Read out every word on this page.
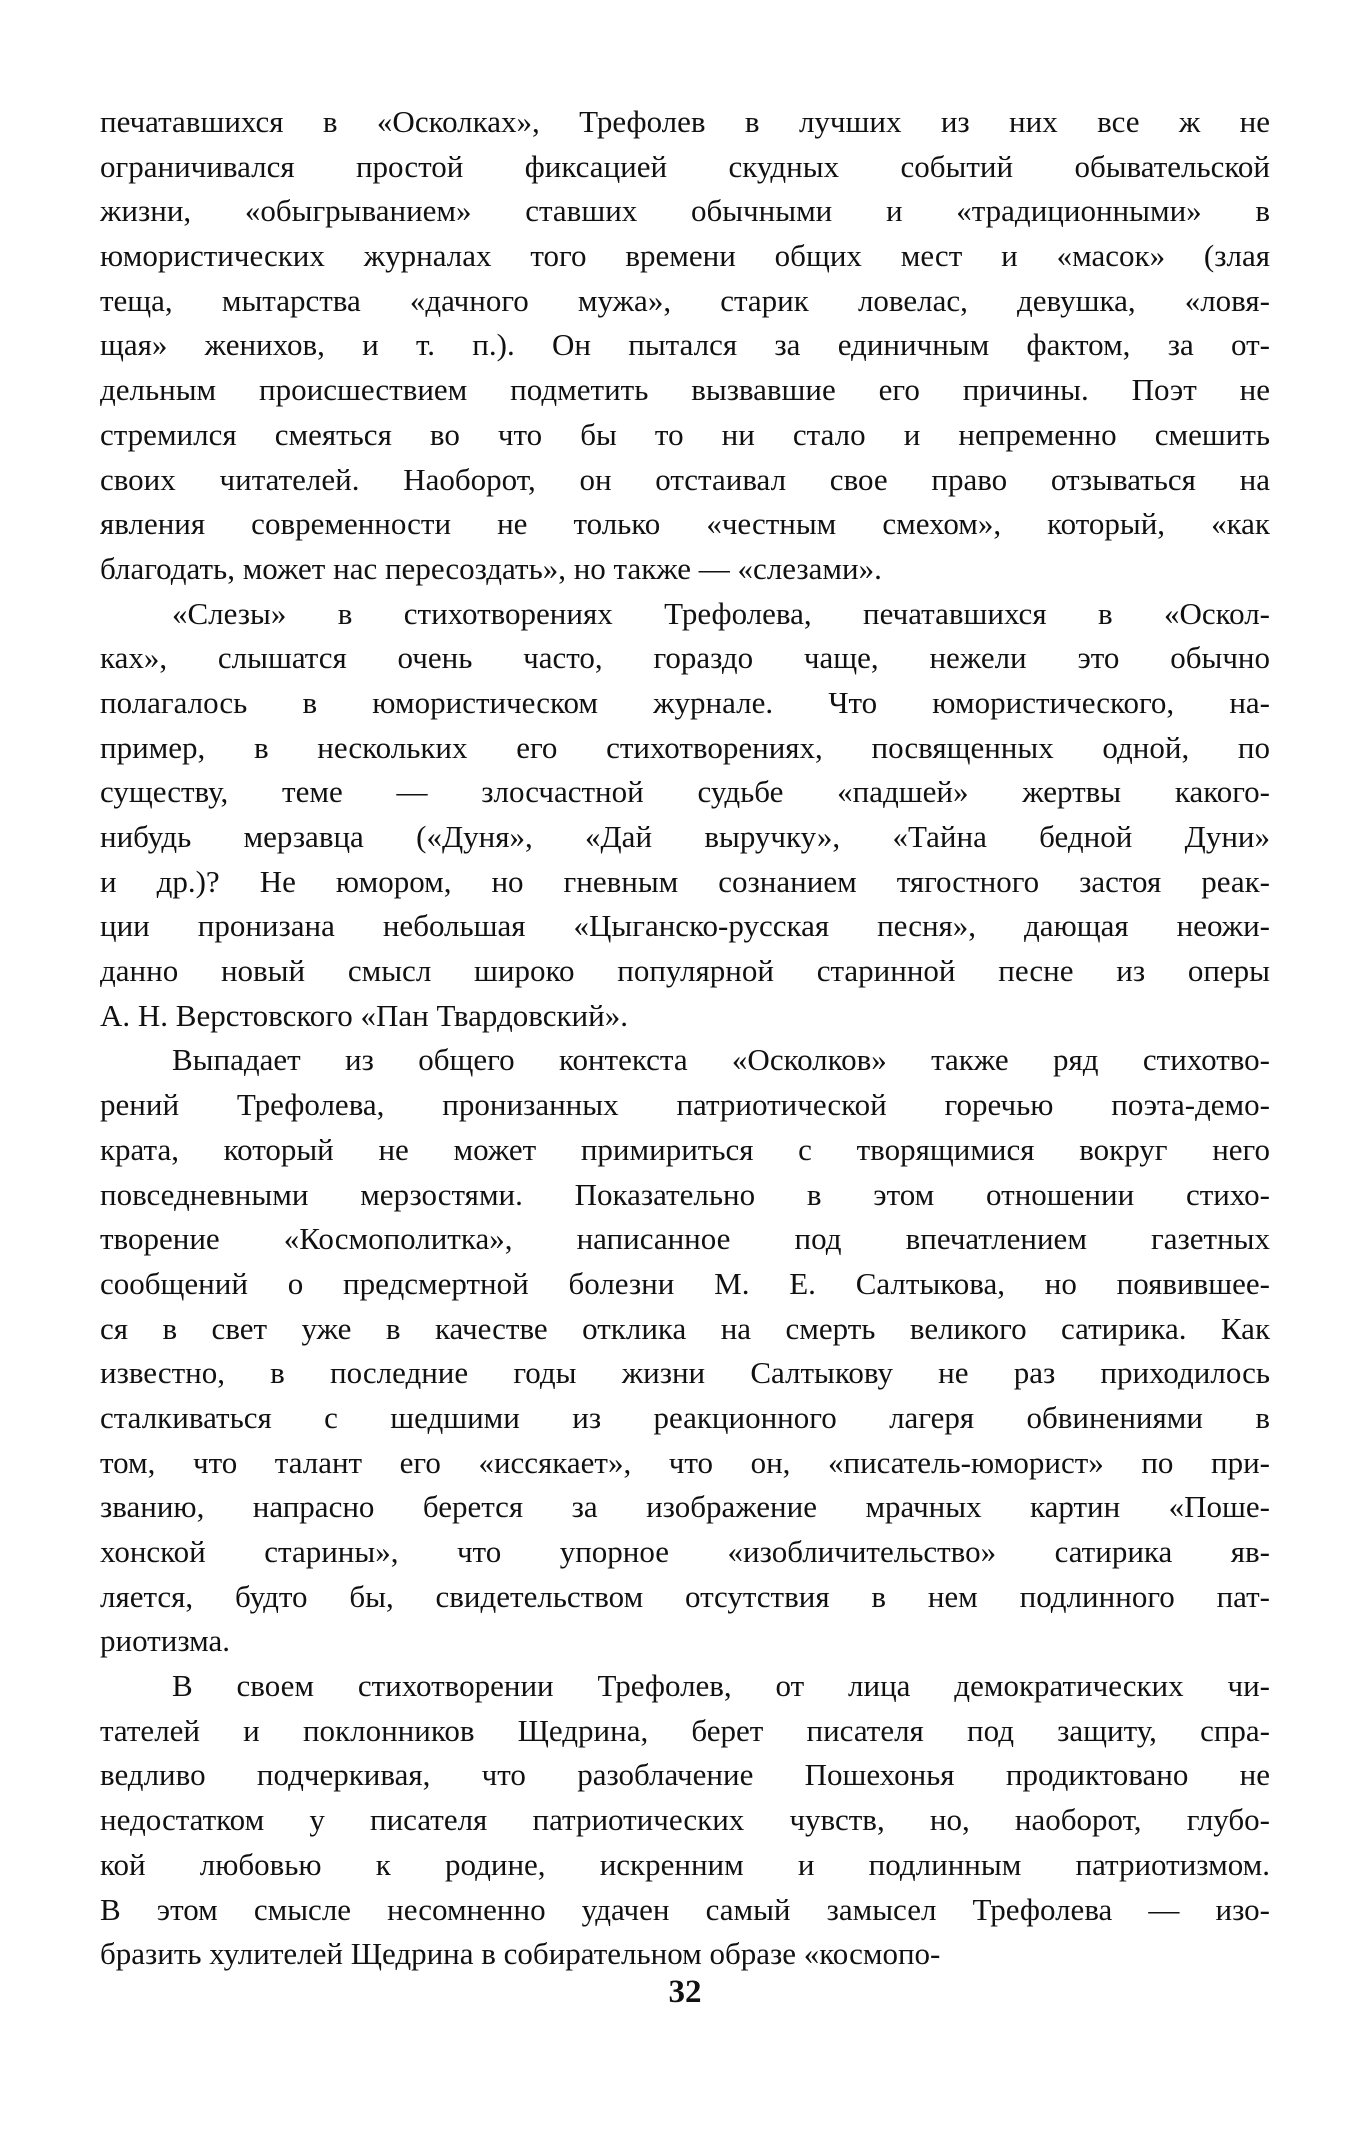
печатавшихся в «Осколках», Трефолев в лучших из них все ж не
ограничивался простой фиксацией скудных событий обывательской
жизни, «обыгрыванием» ставших обычными и «традиционными» в
юмористических журналах того времени общих мест и «масок» (злая
теща, мытарства «дачного мужа», старик ловелас, девушка, «ловя-
щая» женихов, и т. п.). Он пытался за единичным фактом, за от-
дельным происшествием подметить вызвавшие его причины. Поэт не
стремился смеяться во что бы то ни стало и непременно смешить
своих читателей. Наоборот, он отстаивал свое право отзываться на
явления современности не только «честным смехом», который, «как
благодать, может нас пересоздать», но также — «слезами».
«Слезы» в стихотворениях Трефолева, печатавшихся в «Оскол-
ках», слышатся очень часто, гораздо чаще, нежели это обычно
полагалось в юмористическом журнале. Что юмористического, на-
пример, в нескольких его стихотворениях, посвященных одной, по
существу, теме — злосчастной судьбе «падшей» жертвы какого-
нибудь мерзавца («Дуня», «Дай выручку», «Тайна бедной Дуни»
и др.)? Не юмором, но гневным сознанием тягостного застоя реак-
ции пронизана небольшая «Цыганско-русская песня», дающая неожи-
данно новый смысл широко популярной старинной песне из оперы
А. Н. Верстовского «Пан Твардовский».
Выпадает из общего контекста «Осколков» также ряд стихотво-
рений Трефолева, пронизанных патриотической горечью поэта-демо-
крата, который не может примириться с творящимися вокруг него
повседневными мерзостями. Показательно в этом отношении стихо-
творение «Космополитка», написанное под впечатлением газетных
сообщений о предсмертной болезни М. Е. Салтыкова, но появившее-
ся в свет уже в качестве отклика на смерть великого сатирика. Как
известно, в последние годы жизни Салтыкову не раз приходилось
сталкиваться с шедшими из реакционного лагеря обвинениями в
том, что талант его «иссякает», что он, «писатель-юморист» по при-
званию, напрасно берется за изображение мрачных картин «Поше-
хонской старины», что упорное «изобличительство» сатирика яв-
ляется, будто бы, свидетельством отсутствия в нем подлинного пат-
риотизма.
В своем стихотворении Трефолев, от лица демократических чи-
тателей и поклонников Щедрина, берет писателя под защиту, спра-
ведливо подчеркивая, что разоблачение Пошехонья продиктовано не
недостатком у писателя патриотических чувств, но, наоборот, глубо-
кой любовью к родине, искренним и подлинным патриотизмом.
В этом смысле несомненно удачен самый замысел Трефолева — изо-
бразить хулителей Щедрина в собирательном образе «космопо-
32
